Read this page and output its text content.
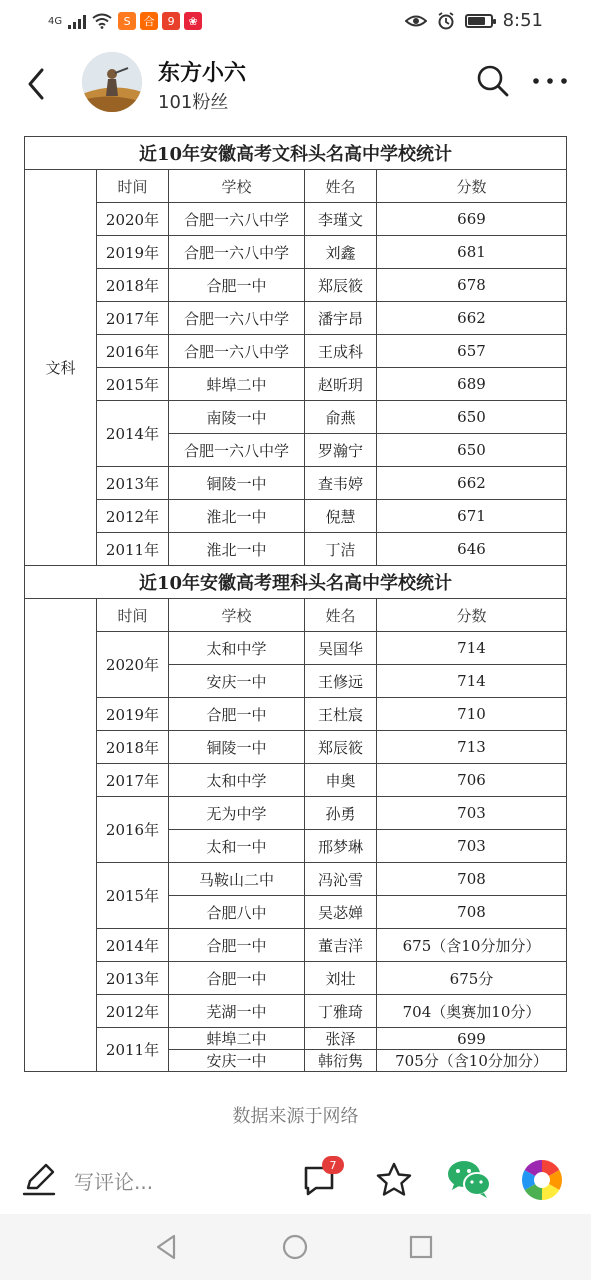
4G	S	合	9	❀	8:51
东方小六
101粉丝
近10年安徽高考文科头名高中学校统计				
文科	时间	学校	姓名	分数
	2020年	合肥一六八中学	李瑾文	669
	2019年	合肥一六八中学	刘鑫	681
	2018年	合肥一中	郑辰筱	678
	2017年	合肥一六八中学	潘宇昂	662
	2016年	合肥一六八中学	王成科	657
	2015年	蚌埠二中	赵昕玥	689
	2014年	南陵一中	俞燕	650
		合肥一六八中学	罗瀚宁	650
	2013年	铜陵一中	查韦婷	662
	2012年	淮北一中	倪慧	671
	2011年	淮北一中	丁洁	646
近10年安徽高考理科头名高中学校统计				
	时间	学校	姓名	分数
	2020年	太和中学	吴国华	714
		安庆一中	王修远	714
	2019年	合肥一中	王杜宸	710
	2018年	铜陵一中	郑辰筱	713
	2017年	太和中学	申奥	706
	2016年	无为中学	孙勇	703
		太和一中	邢梦琳	703
	2015年	马鞍山二中	冯沁雪	708
		合肥八中	吴苾婵	708
	2014年	合肥一中	董吉洋	675（含10分加分）
	2013年	合肥一中	刘壮	675分
	2012年	芜湖一中	丁雅琦	704（奥赛加10分）
	2011年	蚌埠二中	张泽	699
		安庆一中	韩衍隽	705分（含10分加分）
数据来源于网络
写评论...
7
